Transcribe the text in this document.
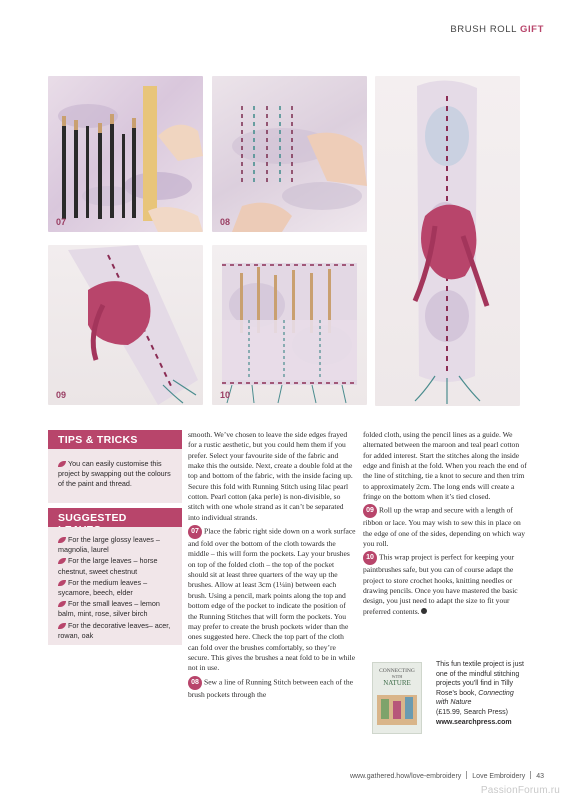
BRUSH ROLL GIFT
07	08
09	10
TIPS & TRICKS
You can easily customise this project by swapping out the colours of the paint and thread.
SUGGESTED
For the large glossy leaves – magnolia, laurel
For the large leaves – horse chestnut, sweet chestnut
For the medium leaves – sycamore, beech, elder
For the small leaves – lemon balm, mint, rose, silver birch
For the decorative leaves– acer, rowan, oak

smooth. We’ve chosen to leave the side edges frayed for a rustic aesthetic, but you could hem them if you prefer. Select your favourite side of the fabric and make this the outside. Next, create a double fold at the top and bottom of the fabric, with the inside facing up. Secure this fold with Running Stitch using lilac pearl cotton. Pearl cotton (aka perle) is non-divisible, so stitch with one whole strand as it can’t be separated into individual strands.

07 Place the fabric right side down on a work surface and fold over the bottom of the cloth towards the middle – this will form the pockets. Lay your brushes on top of the folded cloth – the top of the pocket should sit at least three quarters of the way up the brushes. Allow at least 3cm (1¼in) between each brush. Using a pencil, mark points along the top and bottom edge of the pocket to indicate the position of the Running Stitches that will form the pockets. You may prefer to create the brush pockets wider than the ones suggested here. Check the top part of the cloth can fold over the brushes comfortably, so they’re secure. This gives the brushes a neat fold to be in while not in use.

08 Sew a line of Running Stitch between each of the brush pockets through the

folded cloth, using the pencil lines as a guide. We alternated between the maroon and teal pearl cotton for added interest. Start the stitches along the inside edge and finish at the fold. When you reach the end of the line of stitching, tie a knot to secure and then trim to approximately 2cm. The long ends will create a fringe on the bottom when it’s tied closed.

09 Roll up the wrap and secure with a length of ribbon or lace. You may wish to sew this in place on the edge of one of the sides, depending on which way you roll.

10 This wrap project is perfect for keeping your paintbrushes safe, but you can of course adapt the project to store crochet hooks, knitting needles or drawing pencils. Once you have mastered the basic design, you just need to adapt the size to fit your preferred contents.

CONNECTING
WITH
NATURE
This fun textile project is just one of the mindful stitching projects you’ll find in Tilly Rose’s book, Connecting with Nature
(£15.99, Search Press)
www.searchpress.com
www.gathered.how/love-embroidery Love Embroidery 43
PassionForum.ru
